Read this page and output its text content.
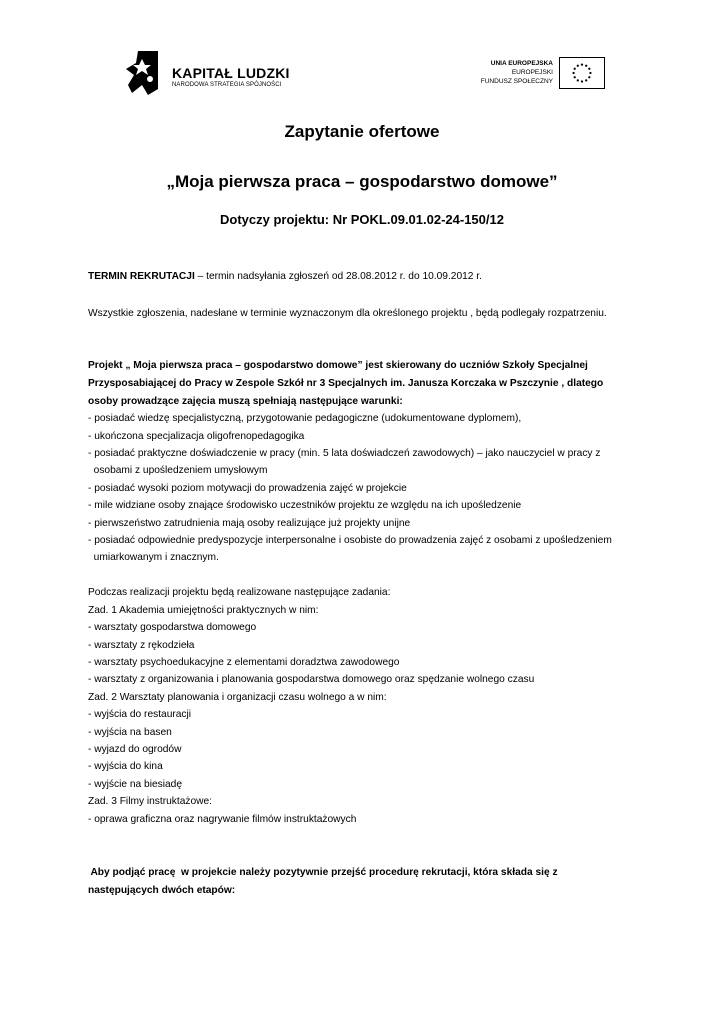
KAPITAŁ LUDZKI
NARODOWA STRATEGIA SPÓJNOŚCI
UNIA EUROPEJSKA
EUROPEJSKI
FUNDUSZ SPOŁECZNY
Zapytanie ofertowe
„Moja pierwsza praca – gospodarstwo domowe”
Dotyczy projektu: Nr POKL.09.01.02-24-150/12
TERMIN REKRUTACJI – termin nadsyłania zgłoszeń od 28.08.2012 r. do 10.09.2012 r.
Wszystkie zgłoszenia, nadesłane w terminie wyznaczonym dla określonego projektu , będą podlegały rozpatrzeniu.
Projekt „ Moja pierwsza praca – gospodarstwo domowe” jest skierowany do uczniów Szkoły Specjalnej
Przysposabiającej do Pracy w Zespole Szkół nr 3 Specjalnych im. Janusza Korczaka w Pszczynie , dlatego
osoby prowadzące zajęcia muszą spełniają następujące warunki:
- posiadać wiedzę specjalistyczną, przygotowanie pedagogiczne (udokumentowane dyplomem),
- ukończona specjalizacja oligofrenopedagogika
- posiadać praktyczne doświadczenie w pracy (min. 5 lata doświadczeń zawodowych) – jako nauczyciel w pracy z
osobami z upośledzeniem umysłowym
- posiadać wysoki poziom motywacji do prowadzenia zajęć w projekcie
- mile widziane osoby znające środowisko uczestników projektu ze względu na ich upośledzenie
- pierwszeństwo zatrudnienia mają osoby realizujące już projekty unijne
- posiadać odpowiednie predyspozycje interpersonalne i osobiste do prowadzenia zajęć z osobami z upośledzeniem
umiarkowanym i znacznym.
Podczas realizacji projektu będą realizowane następujące zadania:
Zad. 1 Akademia umiejętności praktycznych w nim:
- warsztaty gospodarstwa domowego
- warsztaty z rękodzieła
- warsztaty psychoedukacyjne z elementami doradztwa zawodowego
- warsztaty z organizowania i planowania gospodarstwa domowego oraz spędzanie wolnego czasu
Zad. 2 Warsztaty planowania i organizacji czasu wolnego a w nim:
- wyjścia do restauracji
- wyjścia na basen
- wyjazd do ogrodów
- wyjścia do kina
- wyjście na biesiadę
Zad. 3 Filmy instruktażowe:
- oprawa graficzna oraz nagrywanie filmów instruktażowych
Aby podjąć pracę  w projekcie należy pozytywnie przejść procedurę rekrutacji, która składa się z
następujących dwóch etapów:
